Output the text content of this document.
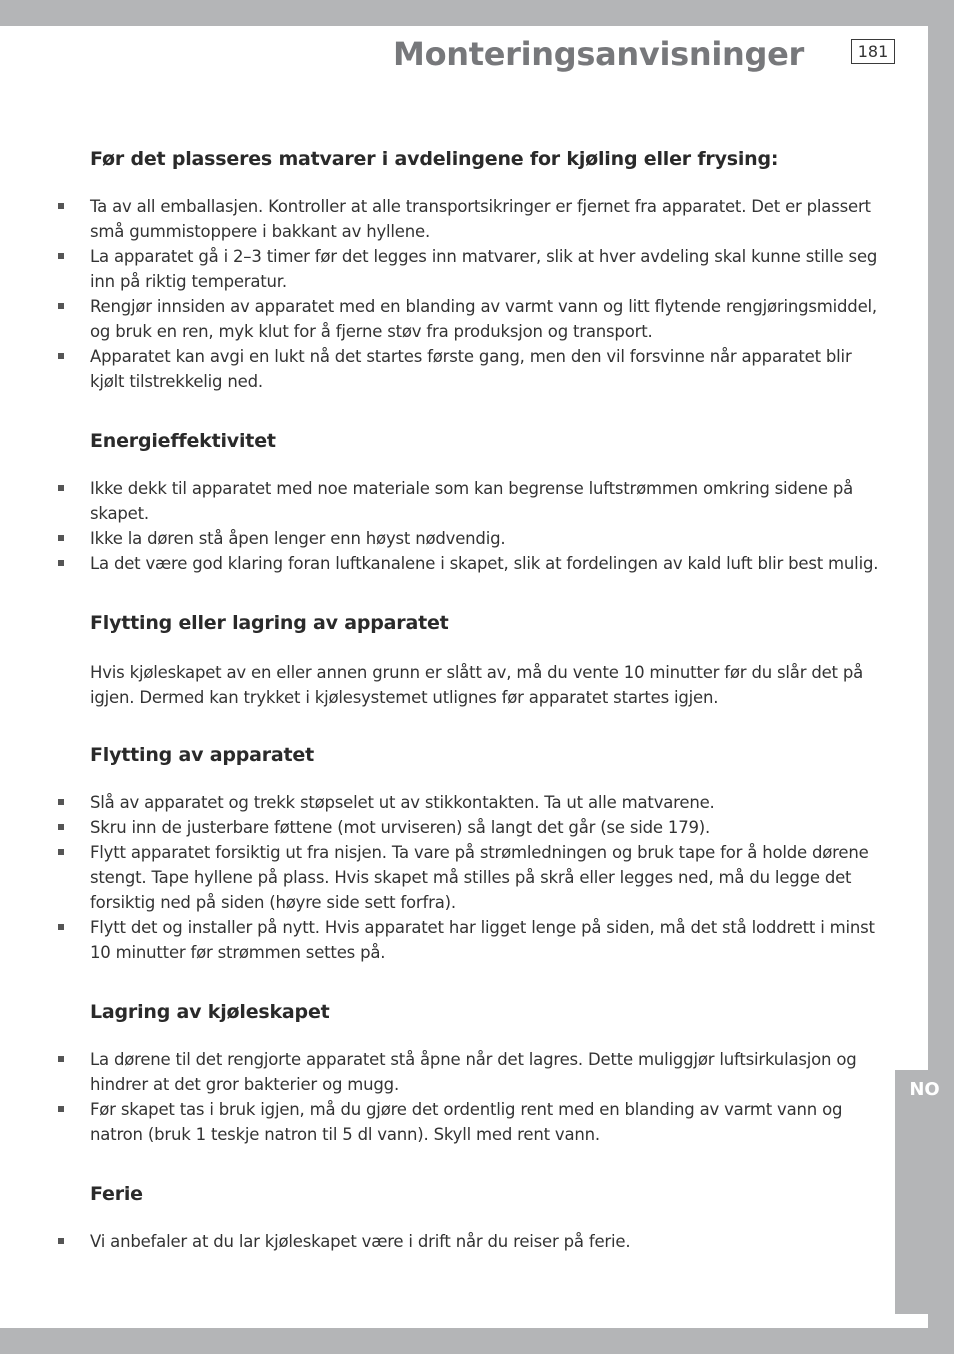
Monteringsanvisninger	181
Før det plasseres matvarer i avdelingene for kjøling eller frysing:
Ta av all emballasjen. Kontroller at alle transportsikringer er fjernet fra apparatet. Det er plassert små gummistoppere i bakkant av hyllene.
La apparatet gå i 2–3 timer før det legges inn matvarer, slik at hver avdeling skal kunne stille seg inn på riktig temperatur.
Rengjør innsiden av apparatet med en blanding av varmt vann og litt flytende rengjøringsmiddel, og bruk en ren, myk klut for å fjerne støv fra produksjon og transport.
Apparatet kan avgi en lukt nå det startes første gang, men den vil forsvinne når apparatet blir kjølt tilstrekkelig ned.
Energieffektivitet
Ikke dekk til apparatet med noe materiale som kan begrense luftstrømmen omkring sidene på skapet.
Ikke la døren stå åpen lenger enn høyst nødvendig.
La det være god klaring foran luftkanalene i skapet, slik at fordelingen av kald luft blir best mulig.
Flytting eller lagring av apparatet

Hvis kjøleskapet av en eller annen grunn er slått av, må du vente 10 minutter før du slår det på igjen. Dermed kan trykket i kjølesystemet utlignes før apparatet startes igjen.

Flytting av apparatet
Slå av apparatet og trekk støpselet ut av stikkontakten. Ta ut alle matvarene.
Skru inn de justerbare føttene (mot urviseren) så langt det går (se side 179).
Flytt apparatet forsiktig ut fra nisjen. Ta vare på strømledningen og bruk tape for å holde dørene stengt. Tape hyllene på plass. Hvis skapet må stilles på skrå eller legges ned, må du legge det forsiktig ned på siden (høyre side sett forfra).
Flytt det og installer på nytt. Hvis apparatet har ligget lenge på siden, må det stå loddrett i minst 10 minutter før strømmen settes på.
Lagring av kjøleskapet
La dørene til det rengjorte apparatet stå åpne når det lagres. Dette muliggjør luftsirkulasjon og hindrer at det gror bakterier og mugg.
Før skapet tas i bruk igjen, må du gjøre det ordentlig rent med en blanding av varmt vann og natron (bruk 1 teskje natron til 5 dl vann). Skyll med rent vann.
Ferie
Vi anbefaler at du lar kjøleskapet være i drift når du reiser på ferie.
NO
